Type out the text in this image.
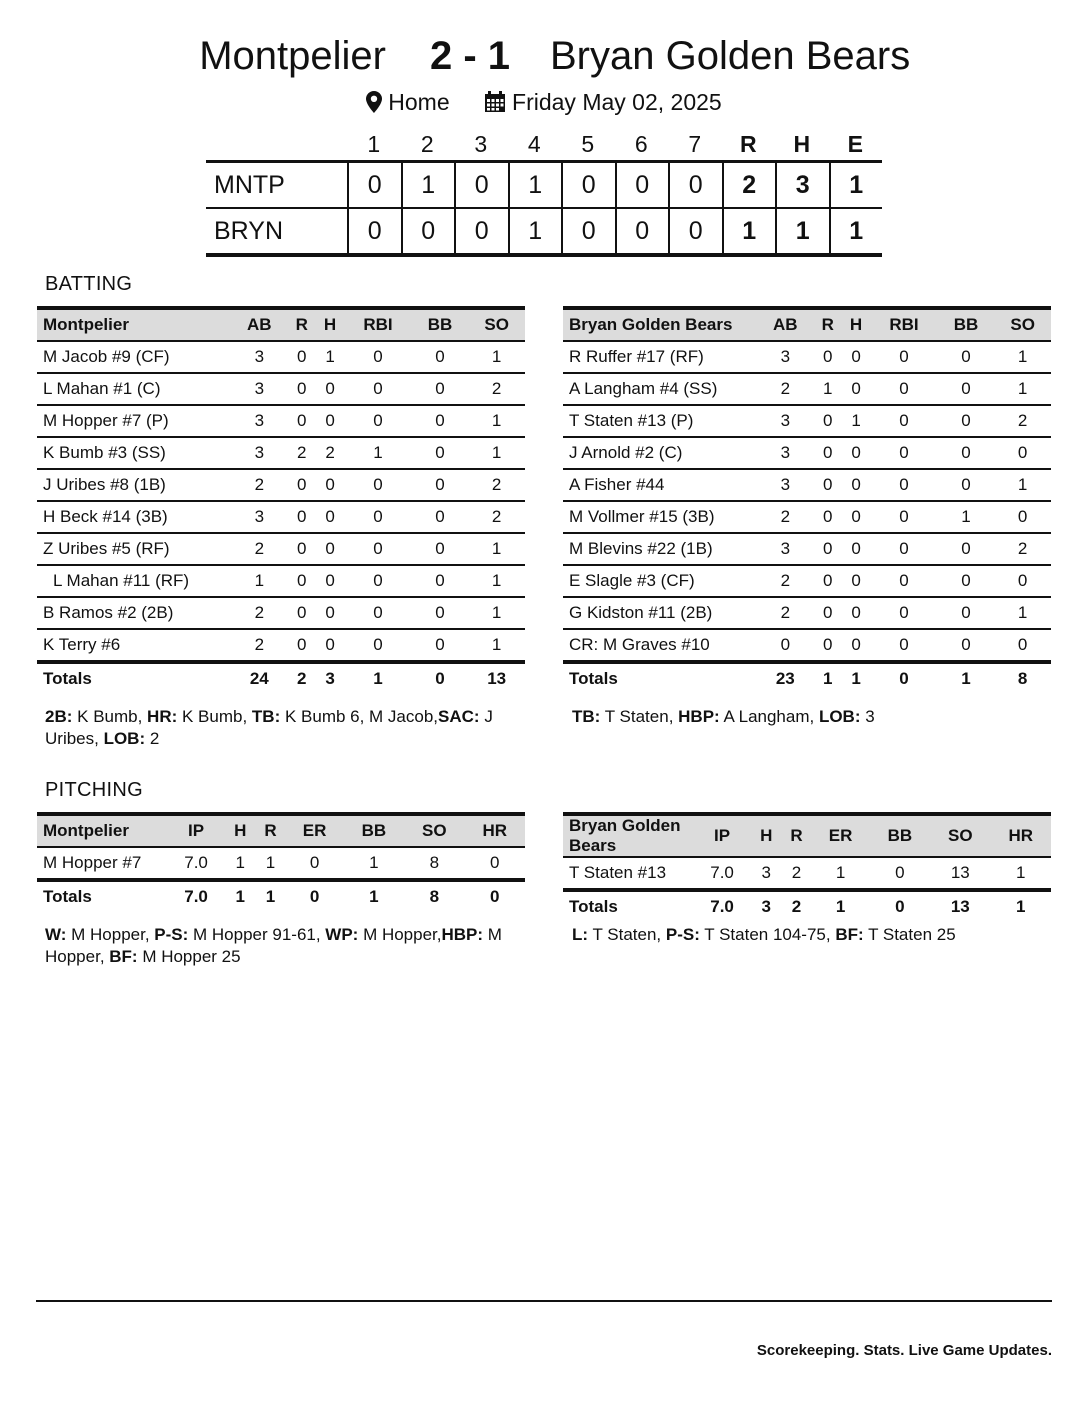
Montpelier 2 - 1 Bryan Golden Bears
Home	Friday May 02, 2025
1	2	3	4	5	6	7	R	H	E
MNTP	0	1	0	1	0	0	0	2	3	1
BRYN	0	0	0	1	0	0	0	1	1	1
BATTING
Montpelier	AB	R	H	RBI	BB	SO
M Jacob #9 (CF)	3	0	1	0	0	1
L Mahan #1 (C)	3	0	0	0	0	2
M Hopper #7 (P)	3	0	0	0	0	1
K Bumb #3 (SS)	3	2	2	1	0	1
J Uribes #8 (1B)	2	0	0	0	0	2
H Beck #14 (3B)	3	0	0	0	0	2
Z Uribes #5 (RF)	2	0	0	0	0	1
L Mahan #11 (RF)	1	0	0	0	0	1
B Ramos #2 (2B)	2	0	0	0	0	1
K Terry #6	2	0	0	0	0	1
Totals	24	2	3	1	0	13
Bryan Golden Bears	AB	R	H	RBI	BB	SO
R Ruffer #17 (RF)	3	0	0	0	0	1
A Langham #4 (SS)	2	1	0	0	0	1
T Staten #13 (P)	3	0	1	0	0	2
J Arnold #2 (C)	3	0	0	0	0	0
A Fisher #44	3	0	0	0	0	1
M Vollmer #15 (3B)	2	0	0	0	1	0
M Blevins #22 (1B)	3	0	0	0	0	2
E Slagle #3 (CF)	2	0	0	0	0	0
G Kidston #11 (2B)	2	0	0	0	0	1
CR: M Graves #10	0	0	0	0	0	0
Totals	23	1	1	0	1	8
2B: K Bumb, HR: K Bumb, TB: K Bumb 6, M Jacob,SAC: J Uribes, LOB: 2
TB: T Staten, HBP: A Langham, LOB: 3
PITCHING
Montpelier	IP	H	R	ER	BB	SO	HR
M Hopper #7	7.0	1	1	0	1	8	0
Totals	7.0	1	1	0	1	8	0
Bryan Golden Bears	IP	H	R	ER	BB	SO	HR
T Staten #13	7.0	3	2	1	0	13	1
Totals	7.0	3	2	1	0	13	1
W: M Hopper, P-S: M Hopper 91-61, WP: M Hopper,HBP: M Hopper, BF: M Hopper 25
L: T Staten, P-S: T Staten 104-75, BF: T Staten 25
Scorekeeping. Stats. Live Game Updates.
